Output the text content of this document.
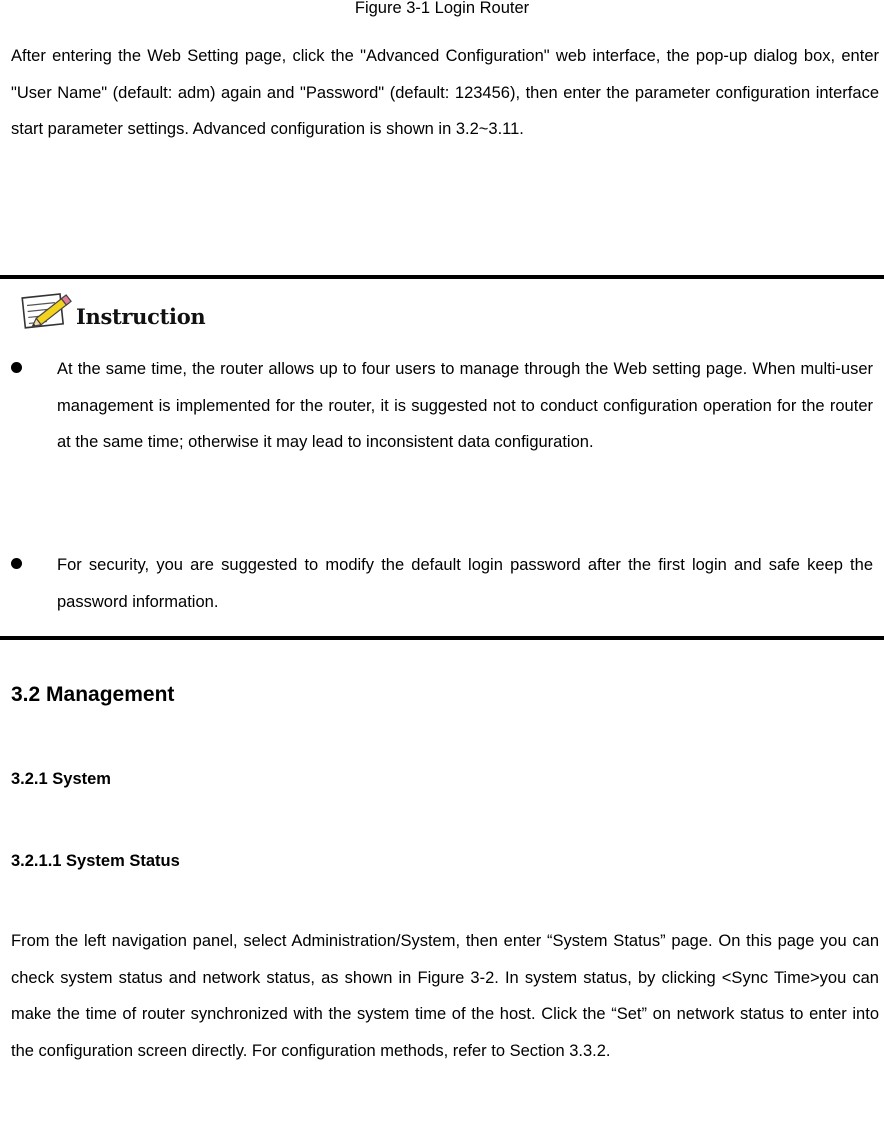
Figure 3-1 Login Router
After entering the Web Setting page, click the "Advanced Configuration" web interface, the pop-up dialog box, enter "User Name" (default: adm) again and "Password" (default: 123456), then enter the parameter configuration interface start parameter settings. Advanced configuration is shown in 3.2~3.11.
Instruction
At the same time, the router allows up to four users to manage through the Web setting page. When multi-user management is implemented for the router, it is suggested not to conduct configuration operation for the router at the same time; otherwise it may lead to inconsistent data configuration.
For security, you are suggested to modify the default login password after the first login and safe keep the password information.
3.2 Management
3.2.1 System
3.2.1.1 System Status
From the left navigation panel, select Administration/System, then enter “System Status” page. On this page you can check system status and network status, as shown in Figure 3-2. In system status, by clicking <Sync Time>you can make the time of router synchronized with the system time of the host. Click the “Set” on network status to enter into the configuration screen directly. For configuration methods, refer to Section 3.3.2.
